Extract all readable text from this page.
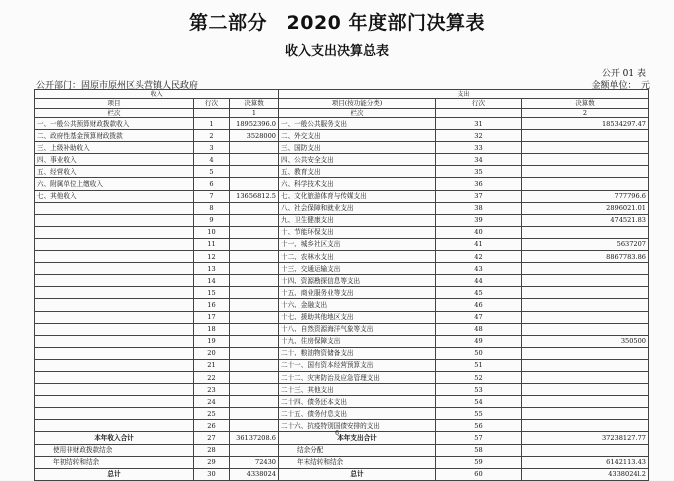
第二部分　2020 年度部门决算表
收入支出决算总表
公开 01 表
公开部门：固原市原州区头营镇人民政府	金额单位：　元
收入			支出		
项目	行次	决算数	项目(按功能分类)	行次	决算数
栏次		1	栏次		2
一、一般公共预算财政拨款收入	1	18952396.0	一、一般公共服务支出	31	18534297.47
二、政府性基金预算财政拨款	2	3528000	二、外交支出	32	
三、上级补助收入	3		三、国防支出	33	
四、事业收入	4		四、公共安全支出	34	
五、经营收入	5		五、教育支出	35	
六、附属单位上缴收入	6		六、科学技术支出	36	
七、其他收入	7	13656812.5	七、文化旅游体育与传媒支出	37	777796.6
	8		八、社会保障和就业支出	38	2896021.01
	9		九、卫生健康支出	39	474521.83
	10		十、节能环保支出	40	
	11		十一、城乡社区支出	41	5637207
	12		十二、农林水支出	42	8867783.86
	13		十三、交通运输支出	43	
	14		十四、资源勘探信息等支出	44	
	15		十五、商业服务业等支出	45	
	16		十六、金融支出	46	
	17		十七、援助其他地区支出	47	
	18		十八、自然资源海洋气象等支出	48	
	19		十九、住房保障支出	49	350500
	20		二十、粮油物资储备支出	50	
	21		二十一、国有资本经营预算支出	51	
	22		二十二、灾害防治及应急管理支出	52	
	23		二十三、其他支出	53	
	24		二十四、债务还本支出	54	
	25		二十五、债务付息支出	55	
	26		二十六、抗疫特别国债安排的支出	56	
本年收入合计	27	36137208.6	本年支出合计	57	37238127.77
使用非财政拨款结余	28		结余分配	58	
年初结转和结余	29	72430	年末结转和结余	59	6142113.43
总计	30	4338024	总计	60	4338024l.2
6
